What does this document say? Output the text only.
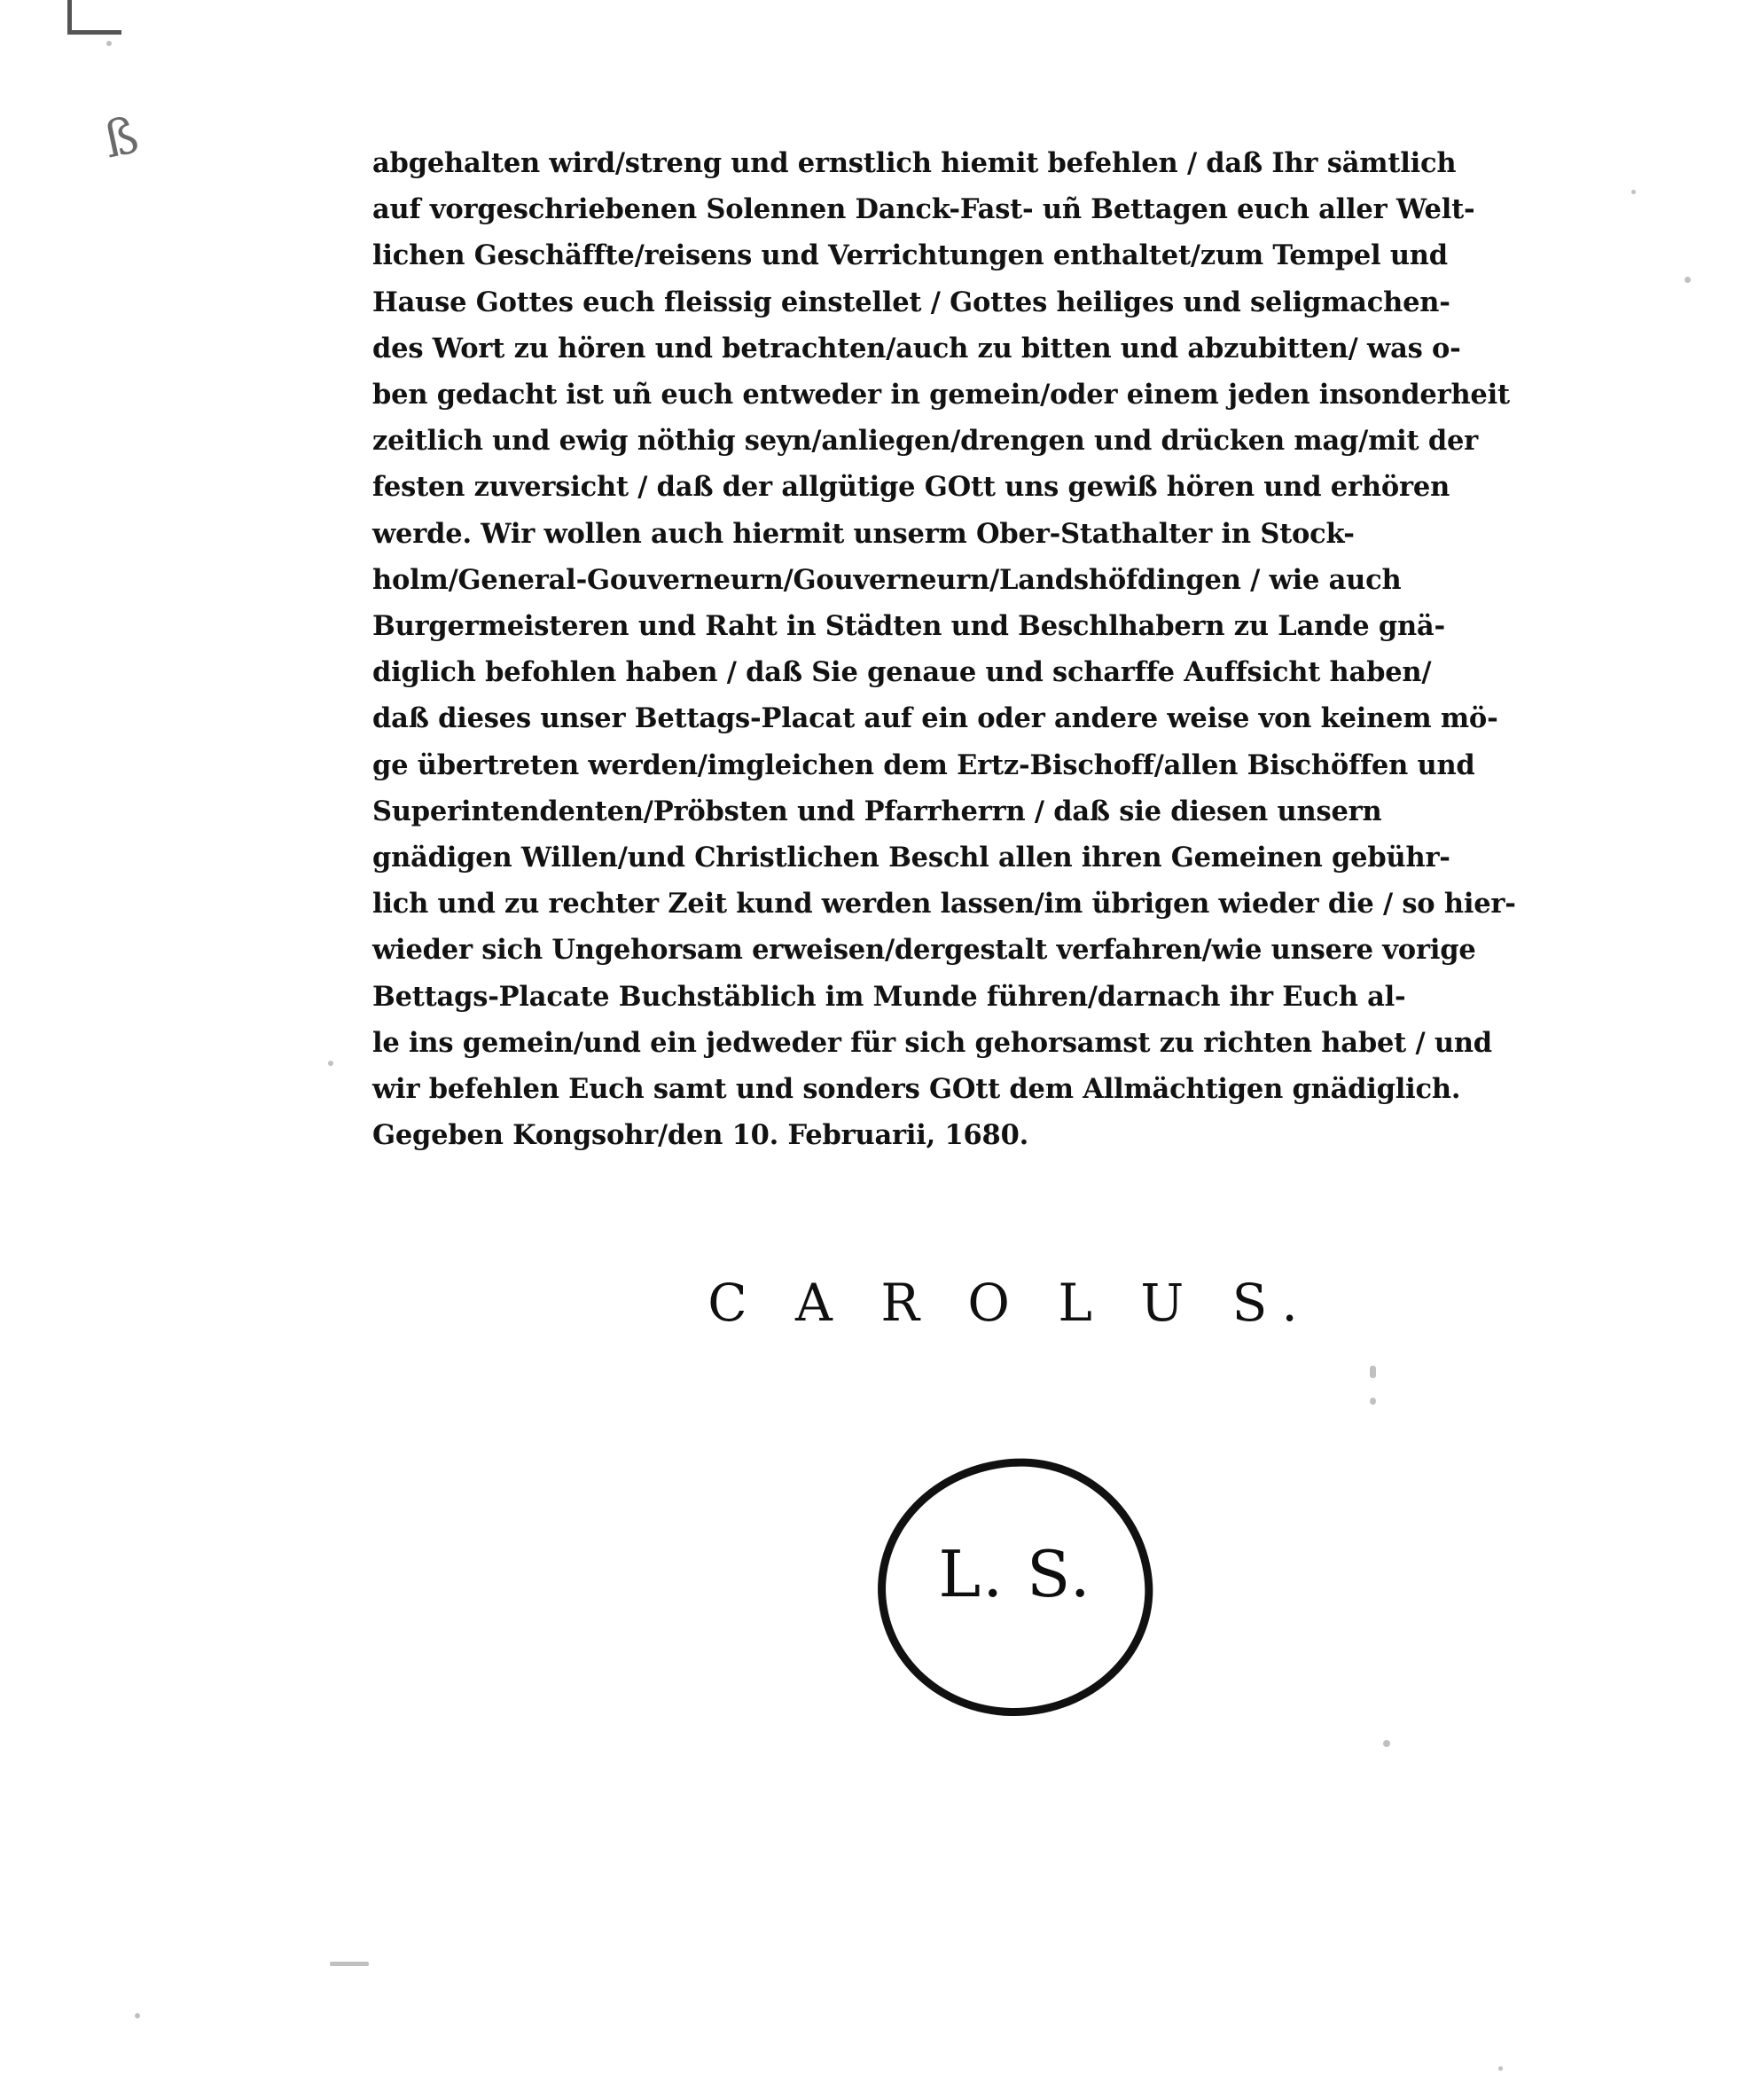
ß	abgehalten wird/streng und ernstlich hiemit befehlen / daß Ihr sämtlich
auf vorgeschriebenen Solennen Danck-Fast- uñ Bettagen euch aller Welt-
lichen Geschäffte/reisens und Verrichtungen enthaltet/zum Tempel und
Hause Gottes euch fleissig einstellet / Gottes heiliges und seligmachen-
des Wort zu hören und betrachten/auch zu bitten und abzubitten/ was o-
ben gedacht ist uñ euch entweder in gemein/oder einem jeden insonderheit
zeitlich und ewig nöthig seyn/anliegen/drengen und drücken mag/mit der
festen zuversicht / daß der allgütige GOtt uns gewiß hören und erhören
werde. Wir wollen auch hiermit unserm Ober-Stathalter in Stock-
holm/General-Gouverneurn/Gouverneurn/Landshöfdingen / wie auch
Burgermeisteren und Raht in Städten und Beschlhabern zu Lande gnä-
diglich befohlen haben / daß Sie genaue und scharffe Auffsicht haben/
daß dieses unser Bettags-Placat auf ein oder andere weise von keinem mö-
ge übertreten werden/imgleichen dem Ertz-Bischoff/allen Bischöffen und
Superintendenten/Pröbsten und Pfarrherrn / daß sie diesen unsern
gnädigen Willen/und Christlichen Beschl allen ihren Gemeinen gebühr-
lich und zu rechter Zeit kund werden lassen/im übrigen wieder die / so hier-
wieder sich Ungehorsam erweisen/dergestalt verfahren/wie unsere vorige
Bettags-Placate Buchstäblich im Munde führen/darnach ihr Euch al-
le ins gemein/und ein jedweder für sich gehorsamst zu richten habet / und
wir befehlen Euch samt und sonders GOtt dem Allmächtigen gnädiglich.
Gegeben Kongsohr/den 10. Februarii, 1680.
C A R O L U S.
L. S.
